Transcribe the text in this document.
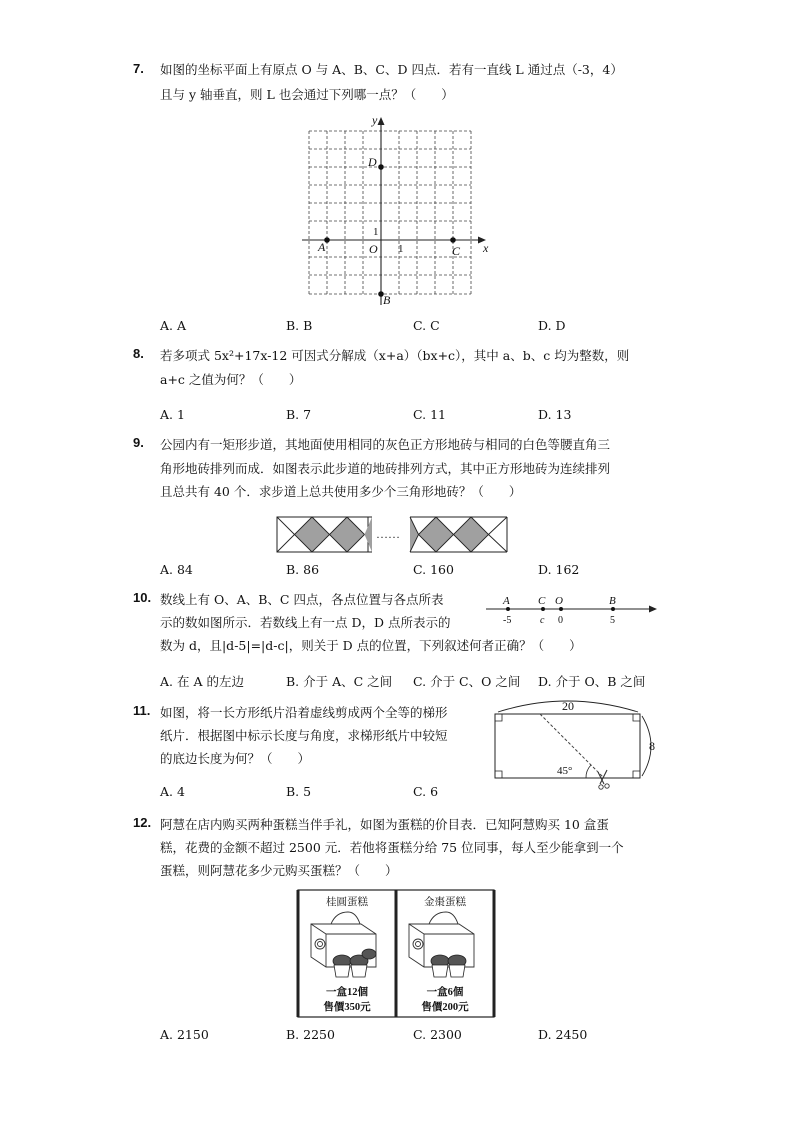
7. 如图的坐标平面上有原点 O 与 A、B、C、D 四点．若有一直线 L 通过点（-3，4）
且与 y 轴垂直，则 L 也会通过下列哪一点？（　　）
y
x
O
A	C
D
B
1
1
A. A	B. B	C. C	D. D
8. 若多项式 5x²+17x-12 可因式分解成（x+a）（bx+c），其中 a、b、c 均为整数，则
a+c 之值为何？（　　）
A. 1	B. 7	C. 11	D. 13
9. 公园内有一矩形步道，其地面使用相同的灰色正方形地砖与相同的白色等腰直角三
角形地砖排列而成．如图表示此步道的地砖排列方式，其中正方形地砖为连续排列
且总共有 40 个．求步道上总共使用多少个三角形地砖？（　　）
……
A. 84	B. 86	C. 160	D. 162
10. 数线上有 O、A、B、C 四点，各点位置与各点所表
示的数如图所示．若数线上有一点 D，D 点所表示的
数为 d，且|d-5|=|d-c|，则关于 D 点的位置，下列叙述何者正确？（　　）
A	C O	B
-5	c 0	5
A. 在 A 的左边	B. 介于 A、C 之间 C. 介于 C、O 之间 D. 介于 O、B 之间
11. 如图，将一长方形纸片沿着虚线剪成两个全等的梯形
纸片．根据图中标示长度与角度，求梯形纸片中较短
的底边长度为何？（　　）
20
8
45°
A. 4	B. 5	C. 6
12. 阿慧在店内购买两种蛋糕当伴手礼，如图为蛋糕的价目表．已知阿慧购买 10 盒蛋
糕，花费的金额不超过 2500 元．若他将蛋糕分给 75 位同事，每人至少能拿到一个
蛋糕，则阿慧花多少元购买蛋糕？（　　）
桂圓蛋糕	金棗蛋糕
一盒12個	一盒6個
售價350元	售價200元
A. 2150	B. 2250	C. 2300	D. 2450
